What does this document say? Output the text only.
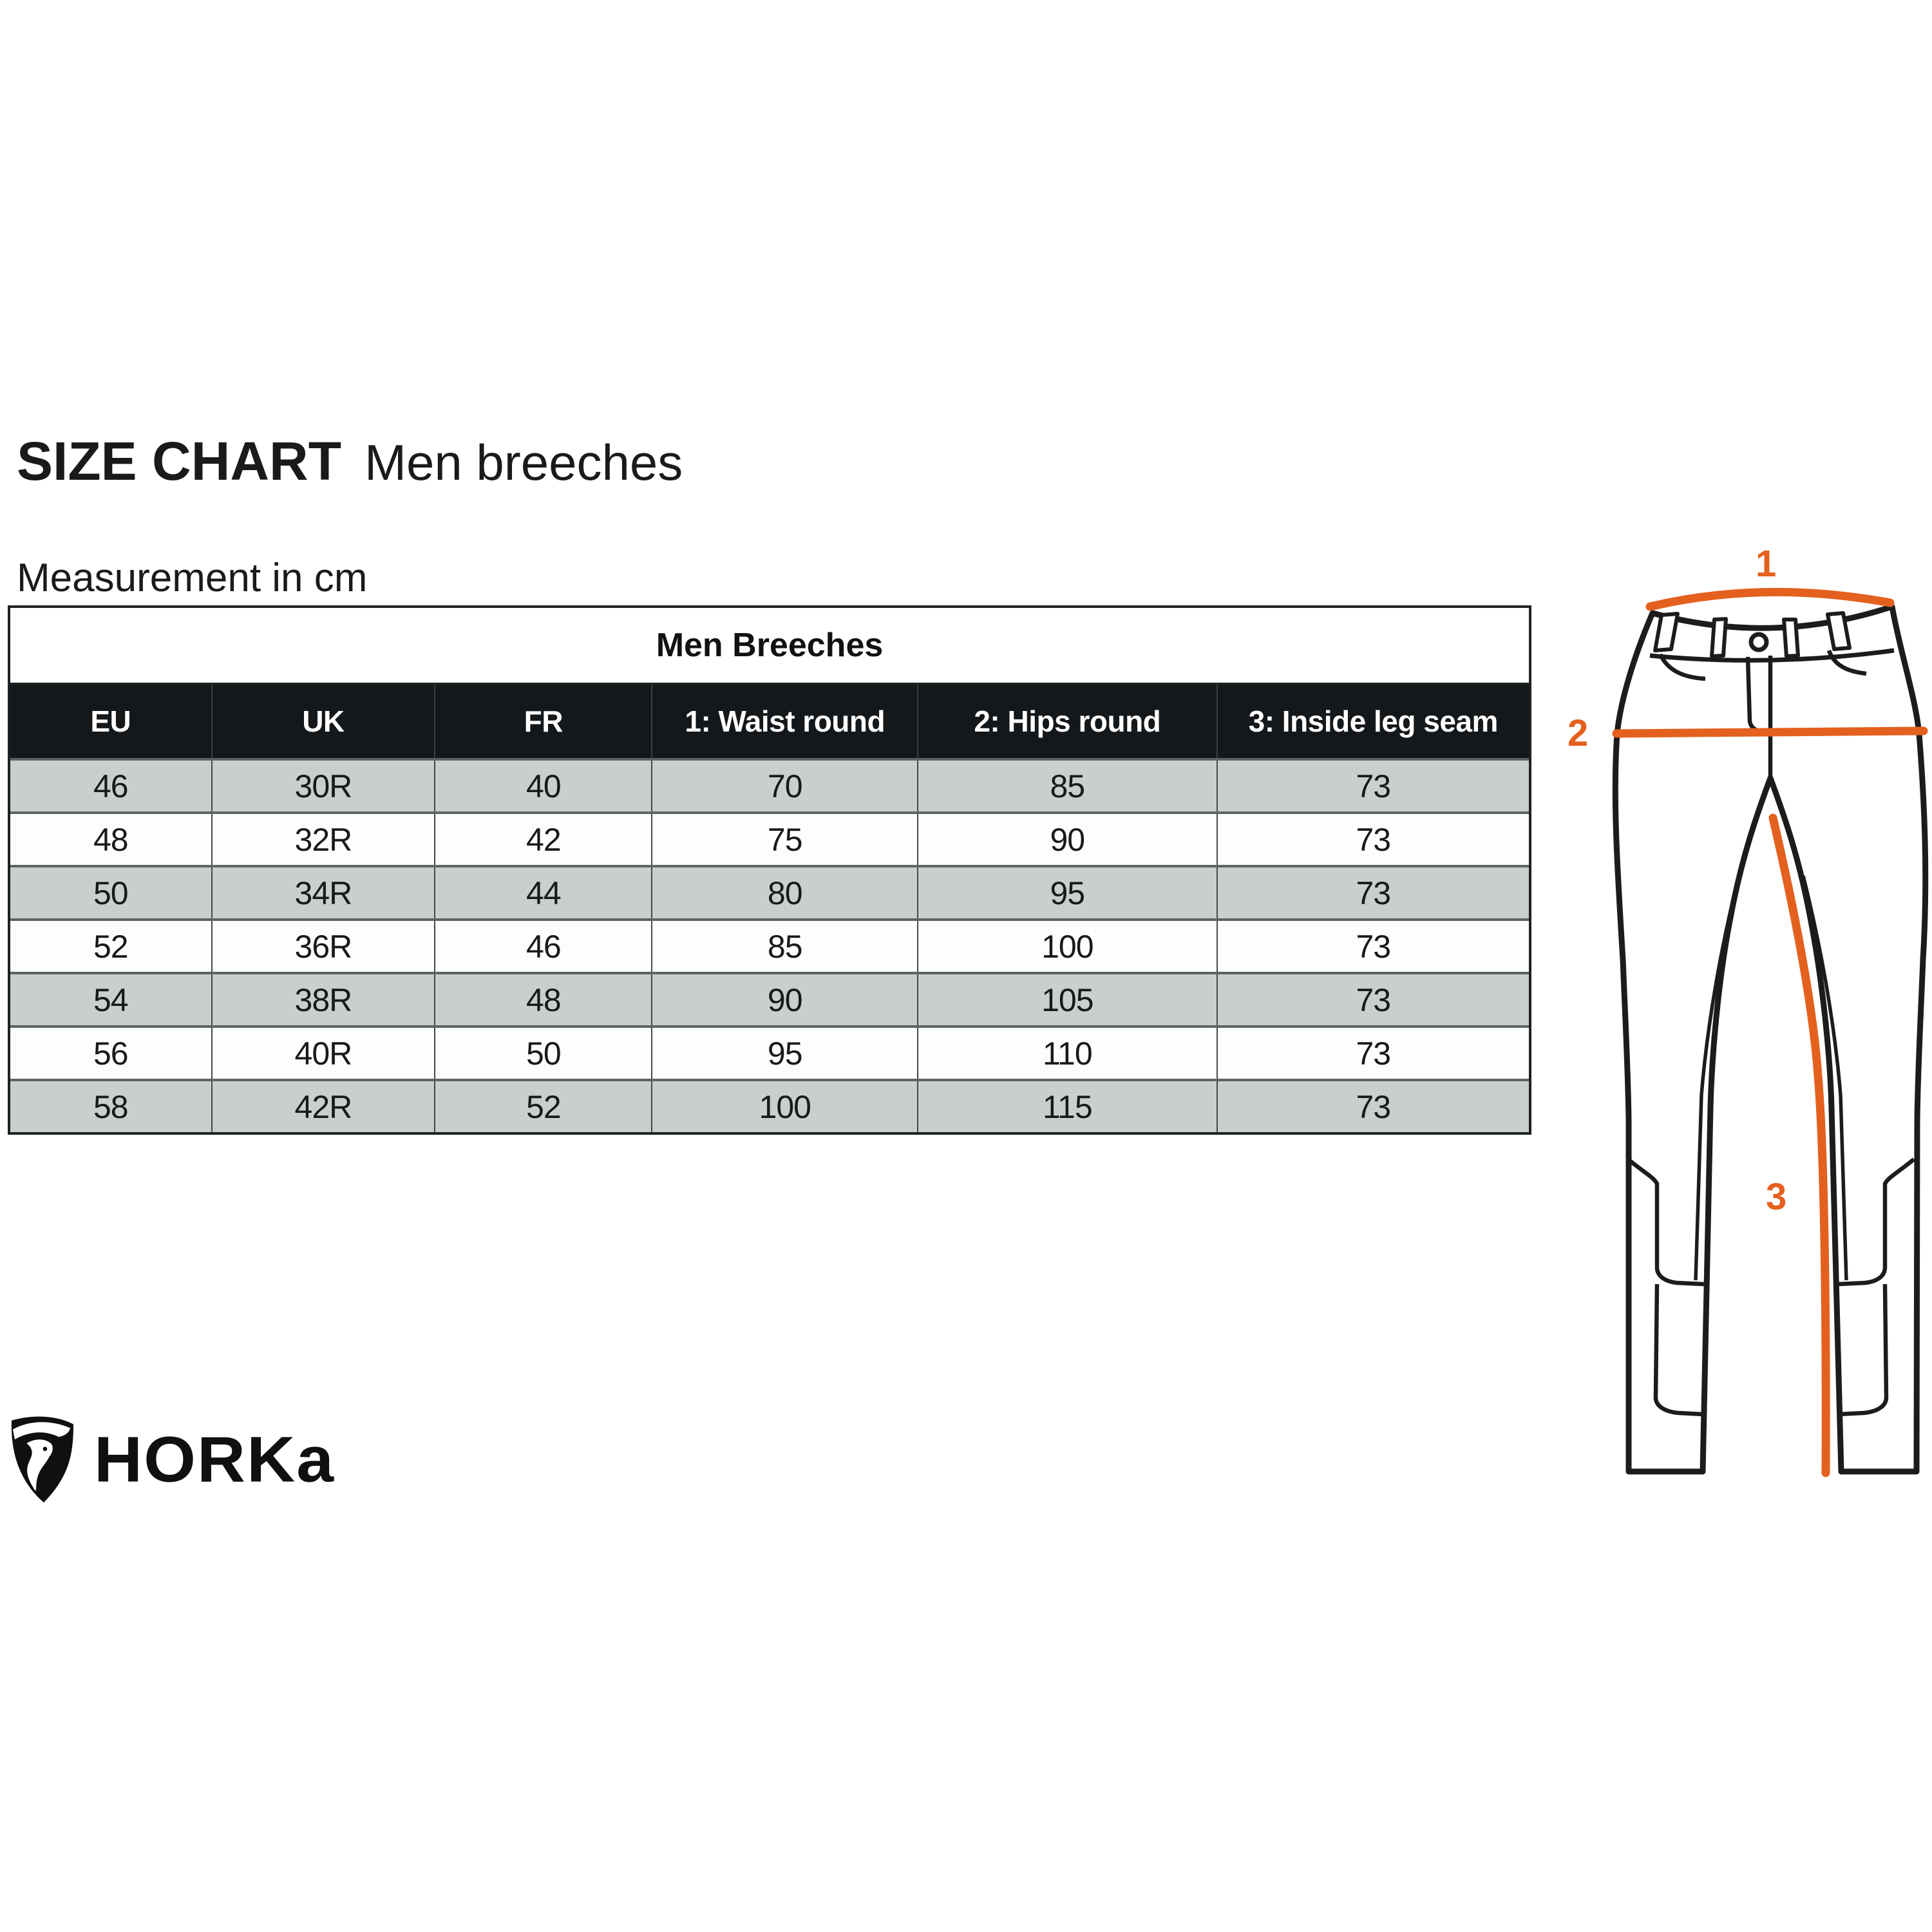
SIZE CHART Men breeches
Measurement in cm
Men Breeches
EU	UK	FR	1: Waist round	2: Hips round	3: Inside leg seam
46	30R	40	70	85	73
48	32R	42	75	90	73
50	34R	44	80	95	73
52	36R	46	85	100	73
54	38R	48	90	105	73
56	40R	50	95	110	73
58	42R	52	100	115	73
1
2
3
HORKa
